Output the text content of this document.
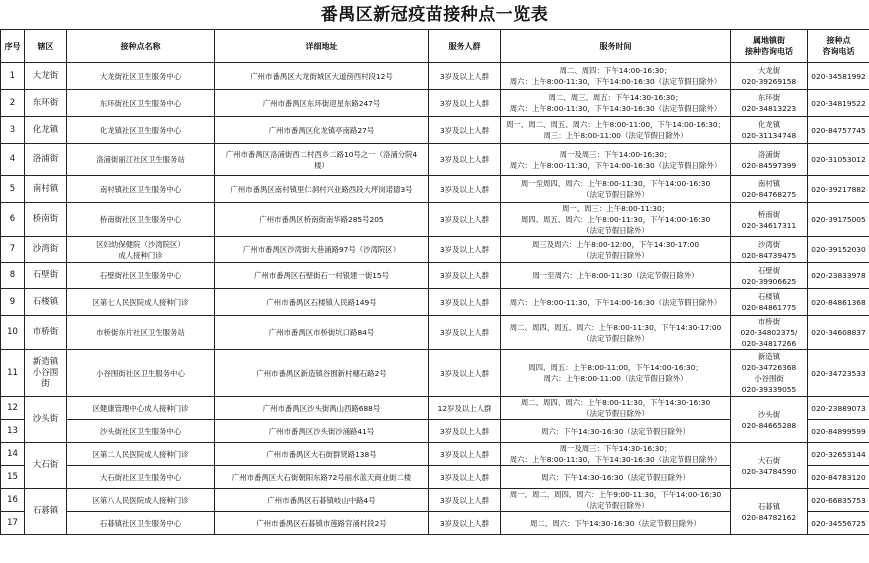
番禺区新冠疫苗接种点一览表
序号	辖区	接种点名称	详细地址	服务人群	服务时间	属地镇街
接种咨询电话	接种点
咨询电话

1	大龙街	大龙街社区卫生服务中心	广州市番禺区大龙街城区大道傍西村段12号	3岁及以上人群	周二、周四：下午14:00-16:30；
周六：上午8:00-11:30，下午14:00-16:30（法定节假日除外）	大龙街
020-39269158	020-34581992
2	东环街	东环街社区卫生服务中心	广州市番禺区东环街迎星东路247号	3岁及以上人群	周二、周三、周五：下午14:30-16:30；
周六：上午8:00-11:30，下午14:30-16:30（法定节假日除外）	东环街
020-34813223	020-34819522
3	化龙镇	化龙镇社区卫生服务中心	广州市番禺区化龙镇亭南路27号	3岁及以上人群	周一、周二、周五、周六：上午8:00-11:00，下午14:00-16:30；
周三：上午8:00-11:00（法定节假日除外）	化龙镇
020-31134748	020-84757745
4	洛浦街	洛浦街丽江社区卫生服务站	广州市番禺区洛浦街西二村西乡二路10号之一（洛涌分院4
楼）	3岁及以上人群	周一及周三：下午14:00-16:30；
周六：上午8:00-11:30，下午14:00-16:30（法定节假日除外）	洛浦街
020-84597399	020-31053012
5	南村镇	南村镇社区卫生服务中心	广州市番禺区南村镇里仁洞村兴业路西段大坪岗诺德3号	3岁及以上人群	周一至周四、周六：上午8:00-11:30，下午14:00-16:30
（法定节假日除外）	南村镇
020-84768275	020-39217882
6	桥南街	桥南街社区卫生服务中心	广州市番禺区桥南街南华路285号205	3岁及以上人群	周一、周三：上午8:00-11:30；
周四、周五、周六：上午8:00-11:30，下午14:00-16:30
（法定节假日除外）	桥南街
020-34617311	020-39175005
7	沙湾街	区妇幼保健院（沙湾院区）
成人接种门诊	广州市番禺区沙湾街大巷涌路97号（沙湾院区）	3岁及以上人群	周三及周六：上午8:00-12:00，下午14:30-17:00
（法定节假日除外）	沙湾街
020-84739475	020-39152030
8	石壁街	石壁街社区卫生服务中心	广州市番禺区石壁街石一村银建一街15号	3岁及以上人群	周一至周六：上午8:00-11:30（法定节假日除外）	石壁街
020-39906625	020-23833978
9	石楼镇	区第七人民医院成人接种门诊	广州市番禺区石楼镇人民路149号	3岁及以上人群	周六：上午8:00-11:30，下午14:00-16:30（法定节假日除外）	石楼镇
020-84861775	020-84861368
10	市桥街	市桥街东片社区卫生服务站	广州市番禺区市桥街坑口路84号	3岁及以上人群	周二、周四、周五、周六：上午8:00-11:30，下午14:30-17:00
（法定节假日除外）	市桥街
020-34802375/
020-34817266	020-34608837
11	新造镇
小谷围
街	小谷围街社区卫生服务中心	广州市番禺区新造镇谷围新村穗石路2号	3岁及以上人群	周四、周五：上午8:00-11:00，下午14:00-16:30；
周六：上午8:00-11:00（法定节假日除外）	新造镇
020-34726368
小谷围街
020-39339055	020-34723533
12	沙头街	区健康管理中心成人接种门诊	广州市番禺区沙头街禺山西路688号	12岁及以上人群	周二、周四、周六：上午8:00-11:30，下午14:30-16:30
（法定节假日除外）	沙头街
020-84665288	020-23889073
13		沙头街社区卫生服务中心	广州市番禺区沙头街沙涌路41号	3岁及以上人群	周六：下午14:30-16:30（法定节假日除外）		020-84899599
14	大石街	区第二人民医院成人接种门诊	广州市番禺区大石街群贤路138号	3岁及以上人群	周一及周三：下午14:30-16:30；
周六：上午8:00-11:30，下午14:30-16:30（法定节假日除外）	大石街
020-34784590	020-32653144
15		大石街社区卫生服务中心	广州市番禺区大石街朝阳东路72号丽水蓝天商业街二楼	3岁及以上人群	周六：下午14:30-16:30（法定节假日除外）		020-84783120
16	石碁镇	区第八人民医院成人接种门诊	广州市番禺区石碁镇岐山中路4号	3岁及以上人群	周一、周二、周四、周六：上午9:00-11:30，下午14:00-16:30
（法定节假日除外）	石碁镇
020-84782162	020-66835753
17		石碁镇社区卫生服务中心	广州市番禺区石碁镇市莲路官涌村段2号	3岁及以上人群	周二、周六：下午14:30-16:30（法定节假日除外）		020-34556725
